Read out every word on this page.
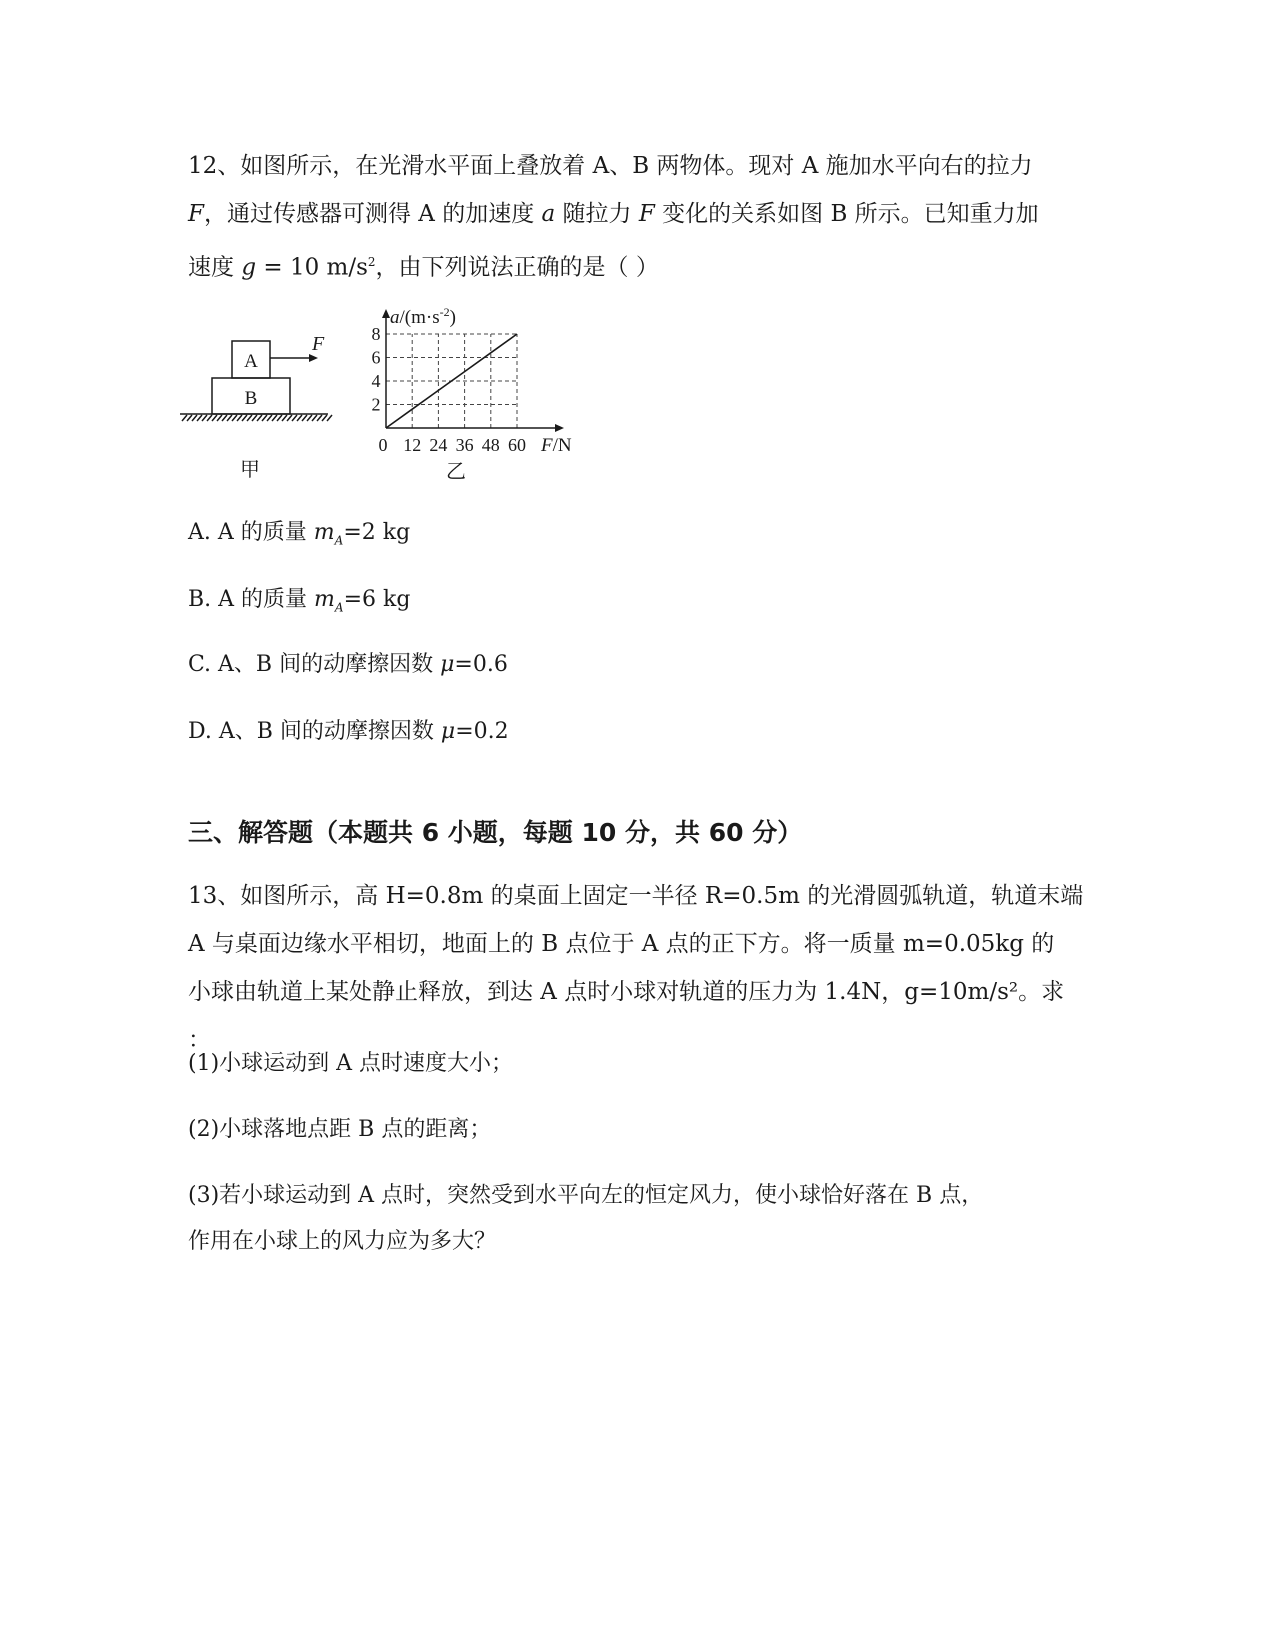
12、如图所示，在光滑水平面上叠放着 A、B 两物体。现对 A 施加水平向右的拉力

F，通过传感器可测得 A 的加速度 a 随拉力 F 变化的关系如图 B 所示。已知重力加

速度 g = 10 $m/s^2$，由下列说法正确的是（ ）

A. A 的质量 $m_A=2$ kg
B. A 的质量 $m_A=6$ kg
C. A、B 间的动摩擦因数 μ=0.6
D. A、B 间的动摩擦因数 μ=0.2
三、解答题（本题共 6 小题，每题 10 分，共 60 分）

13、如图所示，高 H=0.8m 的桌面上固定一半径 R=0.5m 的光滑圆弧轨道，轨道末端

A 与桌面边缘水平相切，地面上的 B 点位于 A 点的正下方。将一质量 m=0.05kg 的

小球由轨道上某处静止释放，到达 A 点时小球对轨道的压力为 1.4N，g=10m/s²。求

：

(1)小球运动到 A 点时速度大小；
(2)小球落地点距 B 点的距离；
(3)若小球运动到 A 点时，突然受到水平向左的恒定风力，使小球恰好落在 B 点，
作用在小球上的风力应为多大？
A
B
F
甲
0 12 24 36 48 60
2
4
6
8
$a/(m\cdot s^{-2})$
F/N
乙
